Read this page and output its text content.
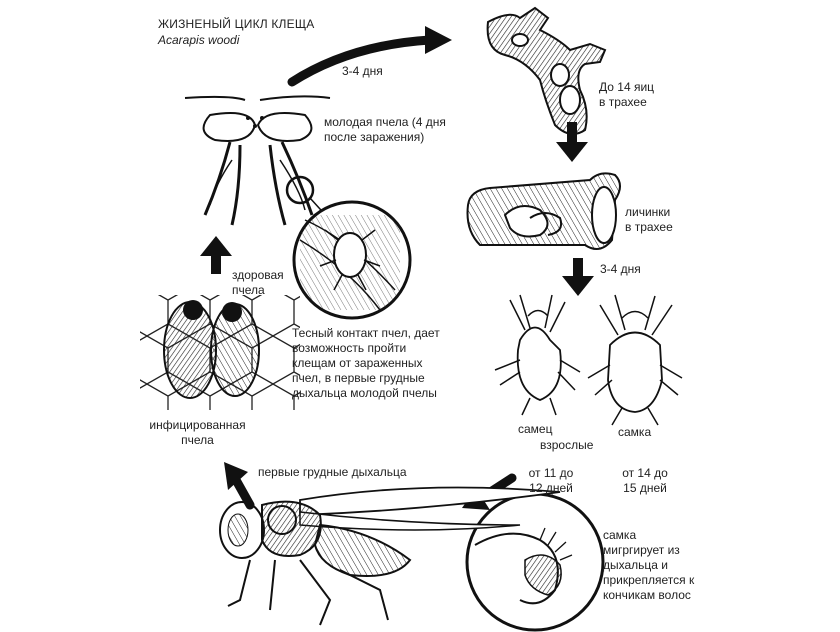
ЖИЗНЕНЫЙ ЦИКЛ КЛЕЩА
Acarapis woodi
3-4 дня
До 14 яиц
в трахее
молодая пчела (4 дня
после заражения)
личинки
в трахее
3-4 дня
здоровая
пчела
Тесный контакт пчел, дает
возможность пройти
клещам от зараженных
пчел, в первые грудные
дыхальца молодой пчелы
инфицированная
пчела
самец	самка
взрослые
от 11 до
12 дней
от 14 до
15 дней
первые грудные дыхальца
самка
мигргирует из
дыхальца и
прикрепляется к
кончикам волос
